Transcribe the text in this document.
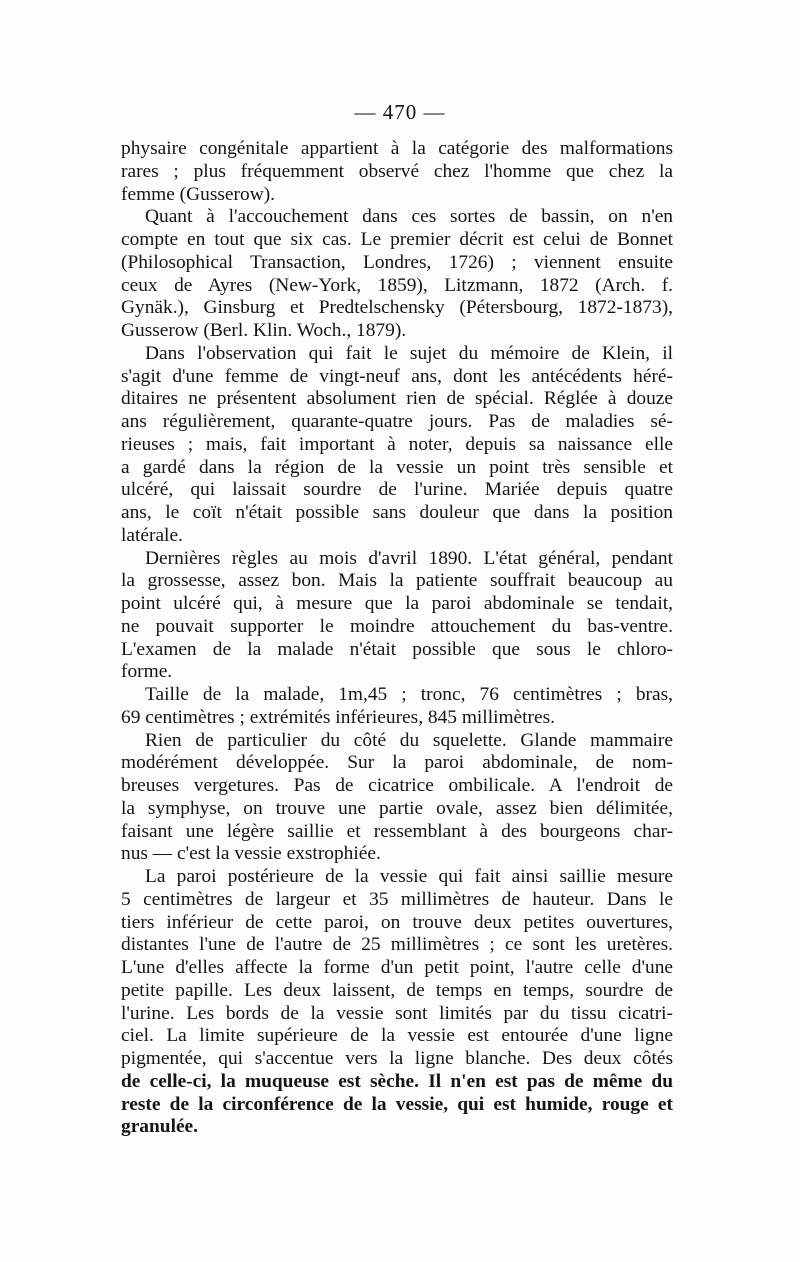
— 470 —
physaire congénitale appartient à la catégorie des malformations
rares ; plus fréquemment observé chez l'homme que chez la
femme (Gusserow).
Quant à l'accouchement dans ces sortes de bassin, on n'en
compte en tout que six cas. Le premier décrit est celui de Bonnet
(Philosophical Transaction, Londres, 1726) ; viennent ensuite
ceux de Ayres (New-York, 1859), Litzmann, 1872 (Arch. f.
Gynäk.), Ginsburg et Predtelschensky (Pétersbourg, 1872-1873),
Gusserow (Berl. Klin. Woch., 1879).
Dans l'observation qui fait le sujet du mémoire de Klein, il
s'agit d'une femme de vingt-neuf ans, dont les antécédents héré-
ditaires ne présentent absolument rien de spécial. Réglée à douze
ans régulièrement, quarante-quatre jours. Pas de maladies sé-
rieuses ; mais, fait important à noter, depuis sa naissance elle
a gardé dans la région de la vessie un point très sensible et
ulcéré, qui laissait sourdre de l'urine. Mariée depuis quatre
ans, le coït n'était possible sans douleur que dans la position
latérale.
Dernières règles au mois d'avril 1890. L'état général, pendant
la grossesse, assez bon. Mais la patiente souffrait beaucoup au
point ulcéré qui, à mesure que la paroi abdominale se tendait,
ne pouvait supporter le moindre attouchement du bas-ventre.
L'examen de la malade n'était possible que sous le chloro-
forme.
Taille de la malade, 1m,45 ; tronc, 76 centimètres ; bras,
69 centimètres ; extrémités inférieures, 845 millimètres.
Rien de particulier du côté du squelette. Glande mammaire
modérément développée. Sur la paroi abdominale, de nom-
breuses vergetures. Pas de cicatrice ombilicale. A l'endroit de
la symphyse, on trouve une partie ovale, assez bien délimitée,
faisant une légère saillie et ressemblant à des bourgeons char-
nus — c'est la vessie exstrophiée.
La paroi postérieure de la vessie qui fait ainsi saillie mesure
5 centimètres de largeur et 35 millimètres de hauteur. Dans le
tiers inférieur de cette paroi, on trouve deux petites ouvertures,
distantes l'une de l'autre de 25 millimètres ; ce sont les uretères.
L'une d'elles affecte la forme d'un petit point, l'autre celle d'une
petite papille. Les deux laissent, de temps en temps, sourdre de
l'urine. Les bords de la vessie sont limités par du tissu cicatri-
ciel. La limite supérieure de la vessie est entourée d'une ligne
pigmentée, qui s'accentue vers la ligne blanche. Des deux côtés
de celle-ci, la muqueuse est sèche. Il n'en est pas de même du
reste de la circonférence de la vessie, qui est humide, rouge et
granulée.
